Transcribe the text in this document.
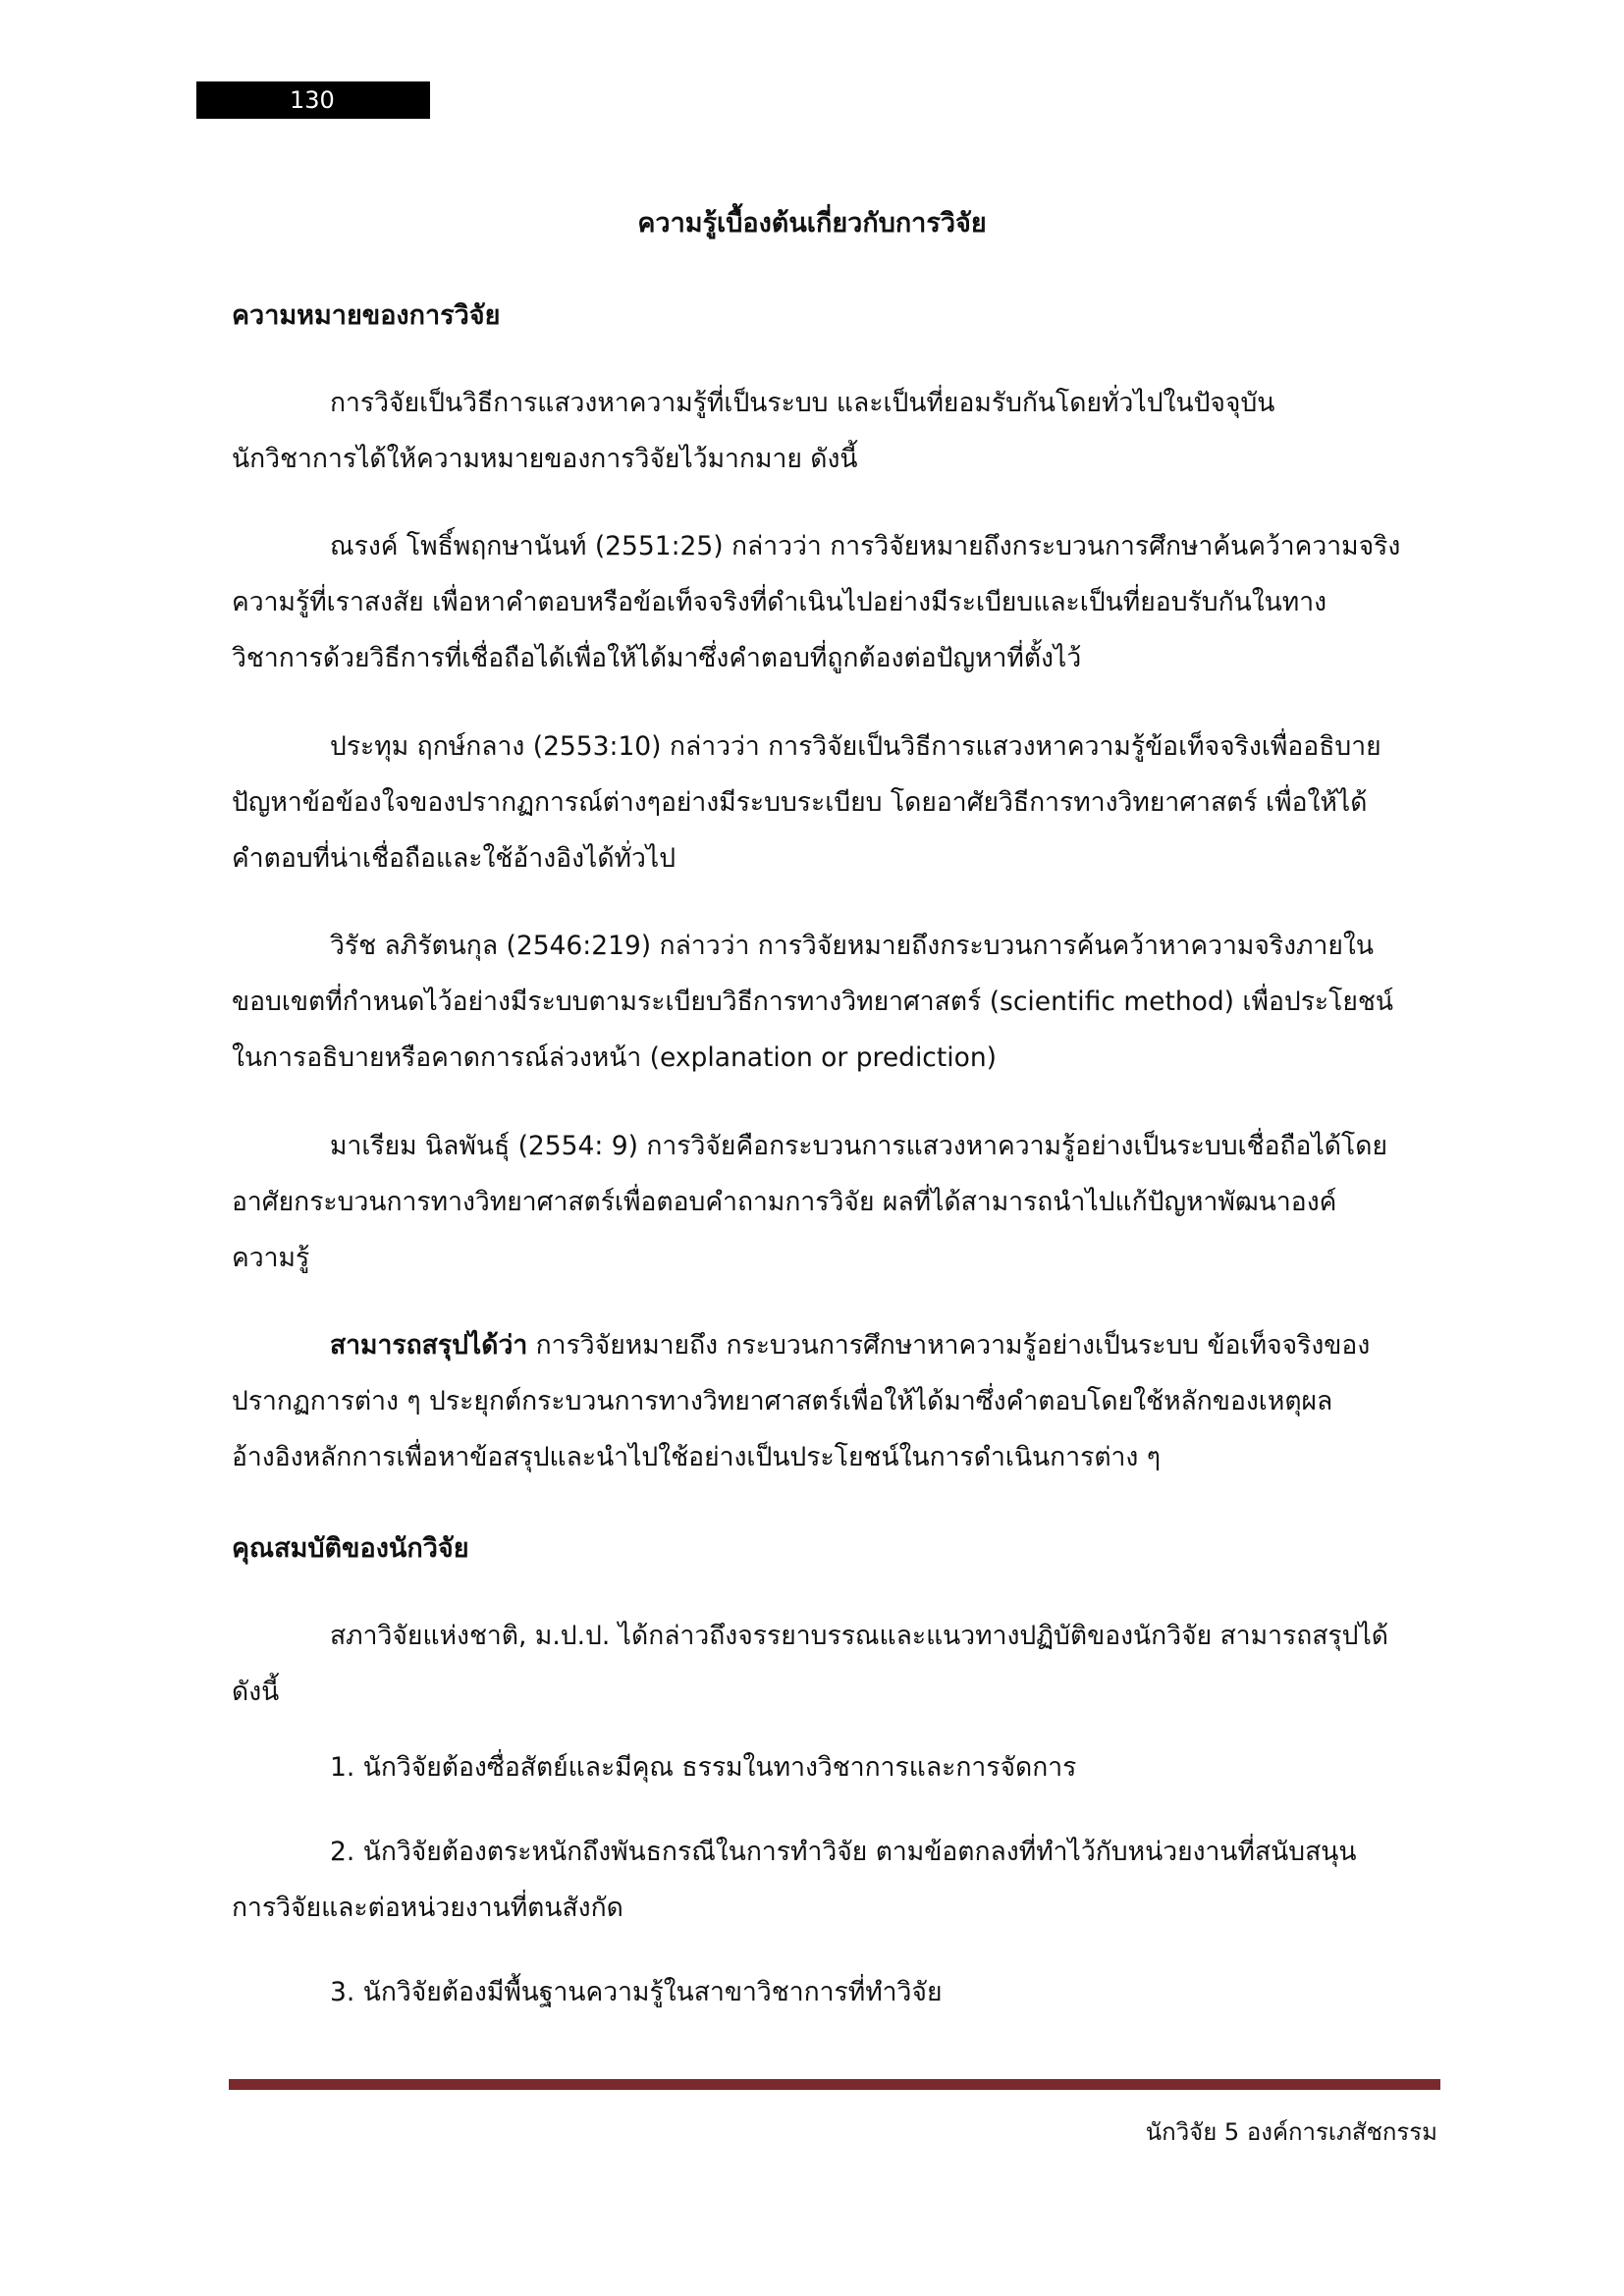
130
ความรู้เบื้องต้นเกี่ยวกับการวิจัย
ความหมายของการวิจัย
การวิจัยเป็นวิธีการแสวงหาความรู้ที่เป็นระบบ และเป็นที่ยอมรับกันโดยทั่วไปในปัจจุบัน
นักวิชาการได้ให้ความหมายของการวิจัยไว้มากมาย ดังนี้
ณรงค์ โพธิ์พฤกษานันท์ (2551:25) กล่าวว่า การวิจัยหมายถึงกระบวนการศึกษาค้นคว้าความจริง
ความรู้ที่เราสงสัย เพื่อหาคำตอบหรือข้อเท็จจริงที่ดำเนินไปอย่างมีระเบียบและเป็นที่ยอบรับกันในทาง
วิชาการด้วยวิธีการที่เชื่อถือได้เพื่อให้ได้มาซึ่งคำตอบที่ถูกต้องต่อปัญหาที่ตั้งไว้
ประทุม ฤกษ์กลาง (2553:10) กล่าวว่า การวิจัยเป็นวิธีการแสวงหาความรู้ข้อเท็จจริงเพื่ออธิบาย
ปัญหาข้อข้องใจของปรากฏการณ์ต่างๆอย่างมีระบบระเบียบ โดยอาศัยวิธีการทางวิทยาศาสตร์ เพื่อให้ได้
คำตอบที่น่าเชื่อถือและใช้อ้างอิงได้ทั่วไป
วิรัช ลภิรัตนกุล (2546:219) กล่าวว่า การวิจัยหมายถึงกระบวนการค้นคว้าหาความจริงภายใน
ขอบเขตที่กำหนดไว้อย่างมีระบบตามระเบียบวิธีการทางวิทยาศาสตร์ (scientific method) เพื่อประโยชน์
ในการอธิบายหรือคาดการณ์ล่วงหน้า (explanation or prediction)
มาเรียม นิลพันธุ์ (2554: 9) การวิจัยคือกระบวนการแสวงหาความรู้อย่างเป็นระบบเชื่อถือได้โดย
อาศัยกระบวนการทางวิทยาศาสตร์เพื่อตอบคำถามการวิจัย ผลที่ได้สามารถนำไปแก้ปัญหาพัฒนาองค์
ความรู้
สามารถสรุปได้ว่า การวิจัยหมายถึง กระบวนการศึกษาหาความรู้อย่างเป็นระบบ ข้อเท็จจริงของ
ปรากฏการต่าง ๆ ประยุกต์กระบวนการทางวิทยาศาสตร์เพื่อให้ได้มาซึ่งคำตอบโดยใช้หลักของเหตุผล
อ้างอิงหลักการเพื่อหาข้อสรุปและนำไปใช้อย่างเป็นประโยชน์ในการดำเนินการต่าง ๆ
คุณสมบัติของนักวิจัย
สภาวิจัยแห่งชาติ, ม.ป.ป. ได้กล่าวถึงจรรยาบรรณและแนวทางปฏิบัติของนักวิจัย สามารถสรุปได้
ดังนี้
1. นักวิจัยต้องซื่อสัตย์และมีคุณ ธรรมในทางวิชาการและการจัดการ
2. นักวิจัยต้องตระหนักถึงพันธกรณีในการทำวิจัย ตามข้อตกลงที่ทำไว้กับหน่วยงานที่สนับสนุน
การวิจัยและต่อหน่วยงานที่ตนสังกัด
3. นักวิจัยต้องมีพื้นฐานความรู้ในสาขาวิชาการที่ทำวิจัย
นักวิจัย 5 องค์การเภสัชกรรม
